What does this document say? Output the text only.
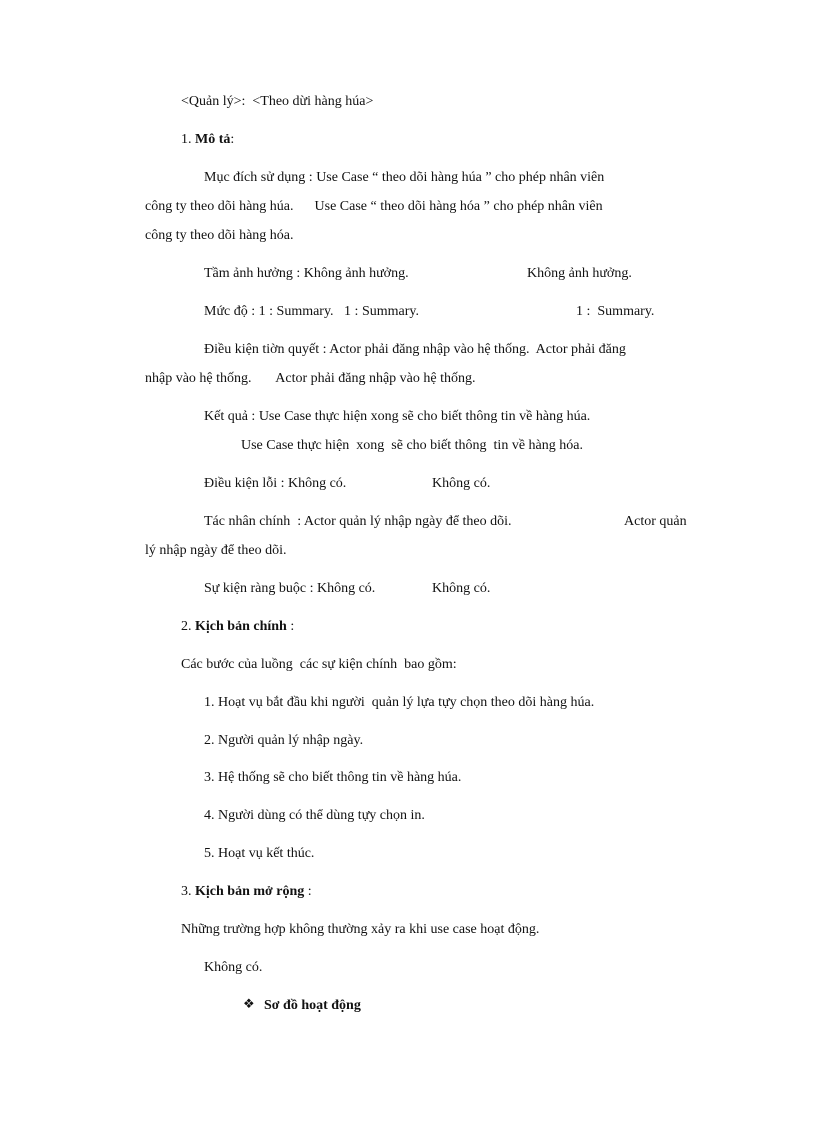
<Quản lý>:  <Theo dừi hàng húa>
1. Mô tả:
Mục đích sử dụng : Use Case “ theo dõi hàng húa ” cho phép nhân viên
công ty theo dõi hàng húa.      Use Case “ theo dõi hàng hóa ” cho phép nhân viên
công ty theo dõi hàng hóa.
Tầm ảnh hưởng : Không ảnh hưởng.	Không ảnh hưởng.
Mức độ : 1 : Summary.   1 : Summary.	1 :  Summary.
Điều kiện tiờn quyết : Actor phải đăng nhập vào hệ thống.  Actor phải đăng
nhập vào hệ thống.       Actor phải đăng nhập vào hệ thống.
Kết quả : Use Case thực hiện xong sẽ cho biết thông tin về hàng húa.
Use Case thực hiện  xong  sẽ cho biết thông  tin về hàng hóa.
Điều kiện lỗi : Không có.	Không có.
Tác nhân chính  : Actor quản lý nhập ngày để theo dõi.	Actor quản
lý nhập ngày để theo dõi.
Sự kiện ràng buộc : Không có.	Không có.
2. Kịch bản chính :
Các bước của luồng  các sự kiện chính  bao gồm:
1. Hoạt vụ bắt đầu khi người  quản lý lựa tựy chọn theo dõi hàng húa.
2. Người quản lý nhập ngày.
3. Hệ thống sẽ cho biết thông tin về hàng húa.
4. Người dùng có thể dùng tựy chọn in.
5. Hoạt vụ kết thúc.
3. Kịch bản mở rộng :
Những trường hợp không thường xảy ra khi use case hoạt động.
Không có.
❖ Sơ đồ hoạt động
